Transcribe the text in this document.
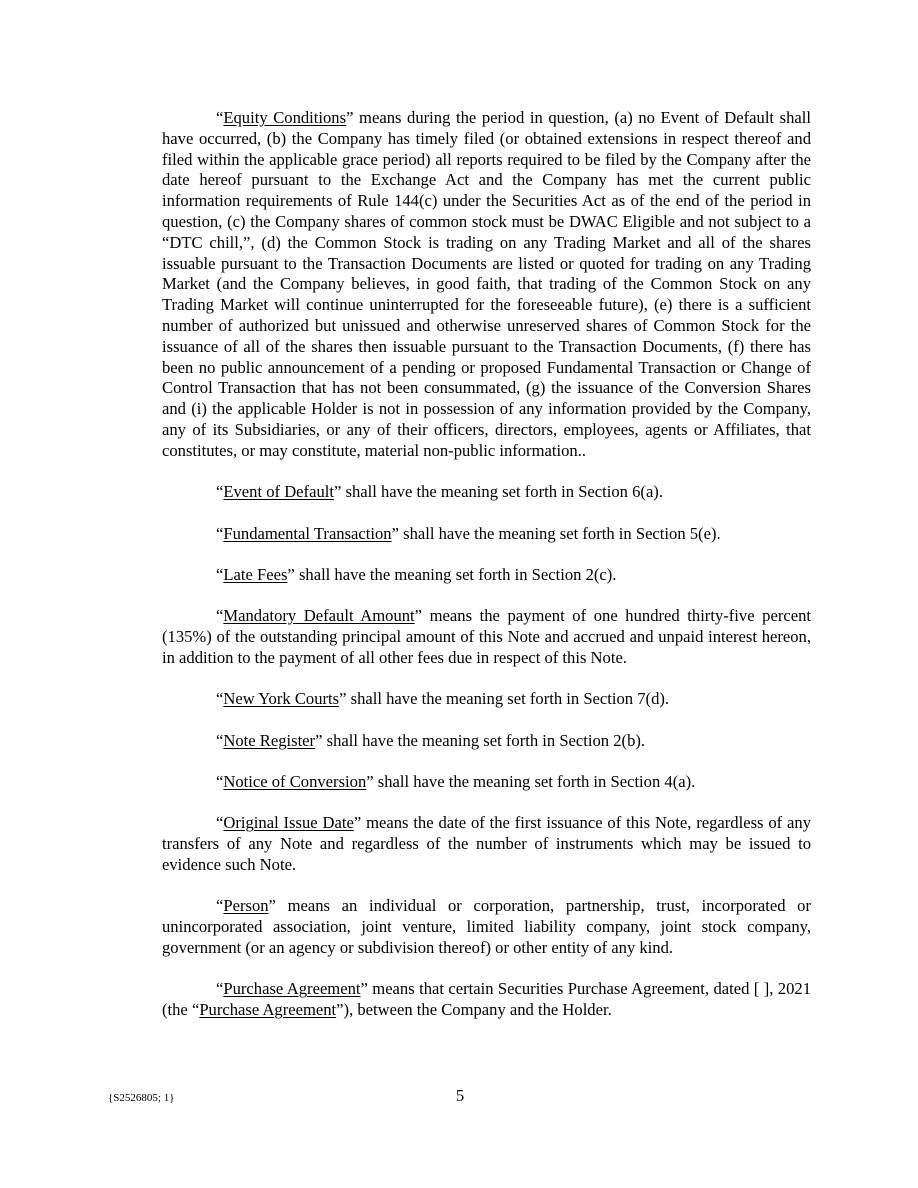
“Equity Conditions” means during the period in question, (a) no Event of Default shall have occurred, (b) the Company has timely filed (or obtained extensions in respect thereof and filed within the applicable grace period) all reports required to be filed by the Company after the date hereof pursuant to the Exchange Act and the Company has met the current public information requirements of Rule 144(c) under the Securities Act as of the end of the period in question, (c) the Company shares of common stock must be DWAC Eligible and not subject to a “DTC chill,”, (d) the Common Stock is trading on any Trading Market and all of the shares issuable pursuant to the Transaction Documents are listed or quoted for trading on any Trading Market (and the Company believes, in good faith, that trading of the Common Stock on any Trading Market will continue uninterrupted for the foreseeable future), (e) there is a sufficient number of authorized but unissued and otherwise unreserved shares of Common Stock for the issuance of all of the shares then issuable pursuant to the Transaction Documents, (f) there has been no public announcement of a pending or proposed Fundamental Transaction or Change of Control Transaction that has not been consummated, (g) the issuance of the Conversion Shares and (i) the applicable Holder is not in possession of any information provided by the Company, any of its Subsidiaries, or any of their officers, directors, employees, agents or Affiliates, that constitutes, or may constitute, material non-public information..

“Event of Default” shall have the meaning set forth in Section 6(a).

“Fundamental Transaction” shall have the meaning set forth in Section 5(e).

“Late Fees” shall have the meaning set forth in Section 2(c).

“Mandatory Default Amount” means the payment of one hundred thirty-five percent (135%) of the outstanding principal amount of this Note and accrued and unpaid interest hereon, in addition to the payment of all other fees due in respect of this Note.

“New York Courts” shall have the meaning set forth in Section 7(d).

“Note Register” shall have the meaning set forth in Section 2(b).

“Notice of Conversion” shall have the meaning set forth in Section 4(a).

“Original Issue Date” means the date of the first issuance of this Note, regardless of any transfers of any Note and regardless of the number of instruments which may be issued to evidence such Note.

“Person” means an individual or corporation, partnership, trust, incorporated or unincorporated association, joint venture, limited liability company, joint stock company, government (or an agency or subdivision thereof) or other entity of any kind.

“Purchase Agreement” means that certain Securities Purchase Agreement, dated [ ], 2021 (the “Purchase Agreement”), between the Company and the Holder.

{S2526805; 1}	5
